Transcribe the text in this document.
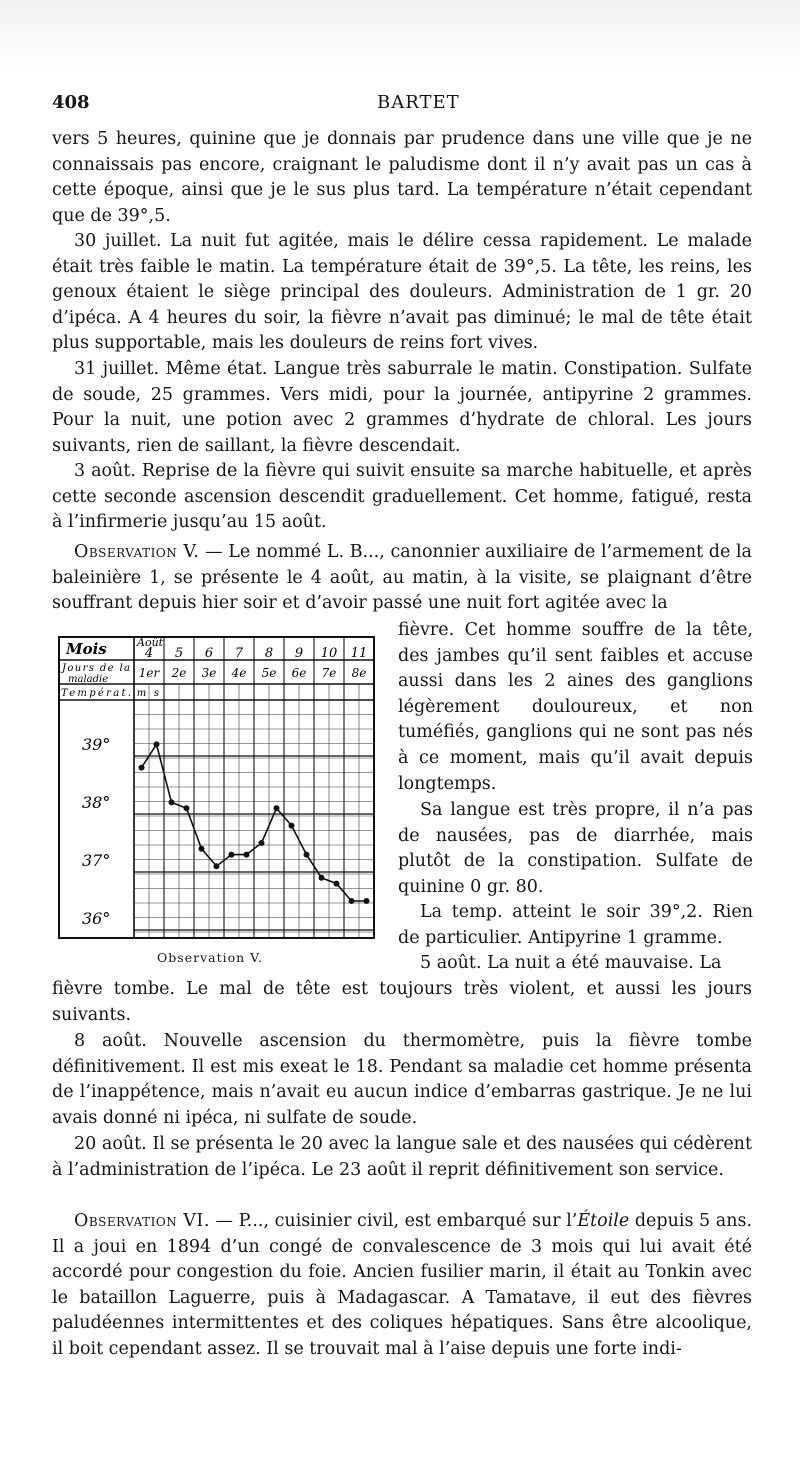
408	BARTET

vers 5 heures, quinine que je donnais par prudence dans une ville que je ne connaissais pas encore, craignant le paludisme dont il n’y avait pas un cas à cette époque, ainsi que je le sus plus tard. La température n’était cependant que de 39°,5.

30 juillet. La nuit fut agitée, mais le délire cessa rapidement. Le malade était très faible le matin. La température était de 39°,5. La tête, les reins, les genoux étaient le siège principal des douleurs. Administration de 1 gr. 20 d’ipéca. A 4 heures du soir, la fièvre n’avait pas diminué; le mal de tête était plus supportable, mais les douleurs de reins fort vives.

31 juillet. Même état. Langue très saburrale le matin. Constipation. Sulfate de soude, 25 grammes. Vers midi, pour la journée, antipyrine 2 grammes. Pour la nuit, une potion avec 2 grammes d’hydrate de chloral. Les jours suivants, rien de saillant, la fièvre descendait.

3 août. Reprise de la fièvre qui suivit ensuite sa marche habituelle, et après cette seconde ascension descendit graduellement. Cet homme, fatigué, resta à l’infirmerie jusqu’au 15 août.

Observation V. — Le nommé L. B..., canonnier auxiliaire de l’armement de la baleinière 1, se présente le 4 août, au matin, à la visite, se plaignant d’être souffrant depuis hier soir et d’avoir passé une nuit fort agitée avec la

fièvre. Cet homme souffre de la tête, des jambes qu’il sent faibles et accuse aussi dans les 2 aines des ganglions légèrement douloureux, et non tuméfiés, ganglions qui ne sont pas nés à ce moment, mais qu’il avait depuis longtemps.

Sa langue est très propre, il n’a pas de nausées, pas de diarrhée, mais plutôt de la constipation. Sulfate de quinine 0 gr. 80.

La temp. atteint le soir 39°,2. Rien de particulier. Antipyrine 1 gramme.

5 août. La nuit a été mauvaise. La

fièvre tombe. Le mal de tête est toujours très violent, et aussi les jours suivants.

8 août. Nouvelle ascension du thermomètre, puis la fièvre tombe définitivement. Il est mis exeat le 18. Pendant sa maladie cet homme présenta de l’inappétence, mais n’avait eu aucun indice d’embarras gastrique. Je ne lui avais donné ni ipéca, ni sulfate de soude.

20 août. Il se présenta le 20 avec la langue sale et des nausées qui cédèrent à l’administration de l’ipéca. Le 23 août il reprit définitivement son service.

Observation VI. — P..., cuisinier civil, est embarqué sur l’Étoile depuis 5 ans. Il a joui en 1894 d’un congé de convalescence de 3 mois qui lui avait été accordé pour congestion du foie. Ancien fusilier marin, il était au Tonkin avec le bataillon Laguerre, puis à Madagascar. A Tamatave, il eut des fièvres paludéennes intermittentes et des coliques hépatiques. Sans être alcoolique, il boit cependant assez. Il se trouvait mal à l’aise depuis une forte indi-

Mois
Jours de la
maladie
Températ.
Août
4 5 6 7 8 9 10 11
1er 2e 3e 4e 5e 6e 7e 8e
m s
39°
38°
37°
36°
Observation V.
